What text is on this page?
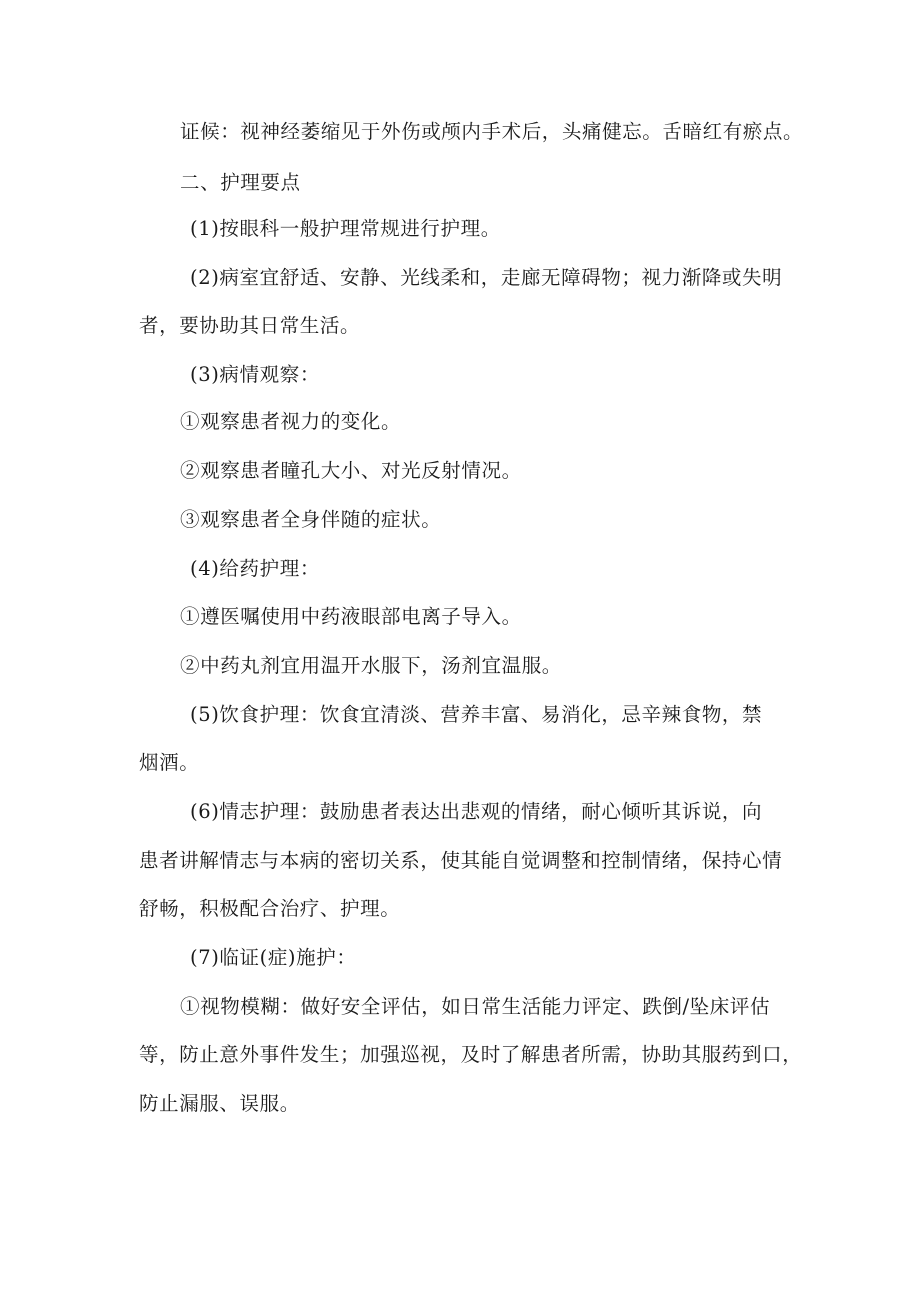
证候：视神经萎缩见于外伤或颅内手术后，头痛健忘。舌暗红有瘀点。
二、护理要点
(1)按眼科一般护理常规进行护理。
(2)病室宜舒适、安静、光线柔和，走廊无障碍物；视力渐降或失明
者，要协助其日常生活。
(3)病情观察：
①观察患者视力的变化。
②观察患者瞳孔大小、对光反射情况。
③观察患者全身伴随的症状。
(4)给药护理：
①遵医嘱使用中药液眼部电离子导入。
②中药丸剂宜用温开水服下，汤剂宜温服。
(5)饮食护理：饮食宜清淡、营养丰富、易消化，忌辛辣食物，禁
烟酒。
(6)情志护理：鼓励患者表达出悲观的情绪，耐心倾听其诉说，向
患者讲解情志与本病的密切关系，使其能自觉调整和控制情绪，保持心情
舒畅，积极配合治疗、护理。
(7)临证(症)施护：
①视物模糊：做好安全评估，如日常生活能力评定、跌倒/坠床评估
等，防止意外事件发生；加强巡视，及时了解患者所需，协助其服药到口，
防止漏服、误服。
